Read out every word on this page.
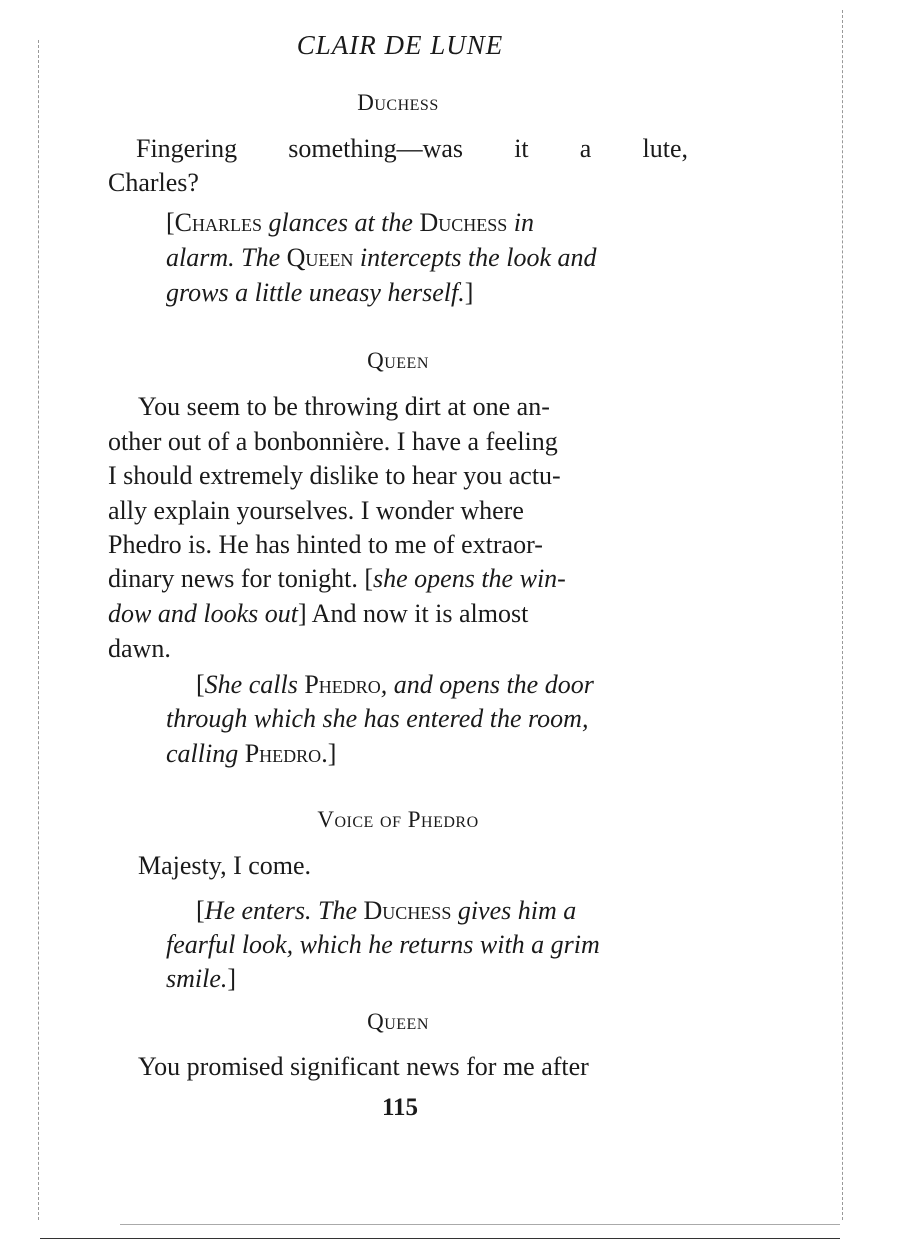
CLAIR DE LUNE
Duchess
Fingering something—was it a lute,
Charles?
[Charles glances at the Duchess in
alarm. The Queen intercepts the look and
grows a little uneasy herself.]
Queen
You seem to be throwing dirt at one an-
other out of a bonbonnière. I have a feeling
I should extremely dislike to hear you actu-
ally explain yourselves. I wonder where
Phedro is. He has hinted to me of extraor-
dinary news for tonight. [she opens the win-
dow and looks out] And now it is almost
dawn.
[She calls Phedro, and opens the door
through which she has entered the room,
calling Phedro.]
Voice of Phedro
Majesty, I come.
[He enters. The Duchess gives him a
fearful look, which he returns with a grim
smile.]
Queen
You promised significant news for me after
115
